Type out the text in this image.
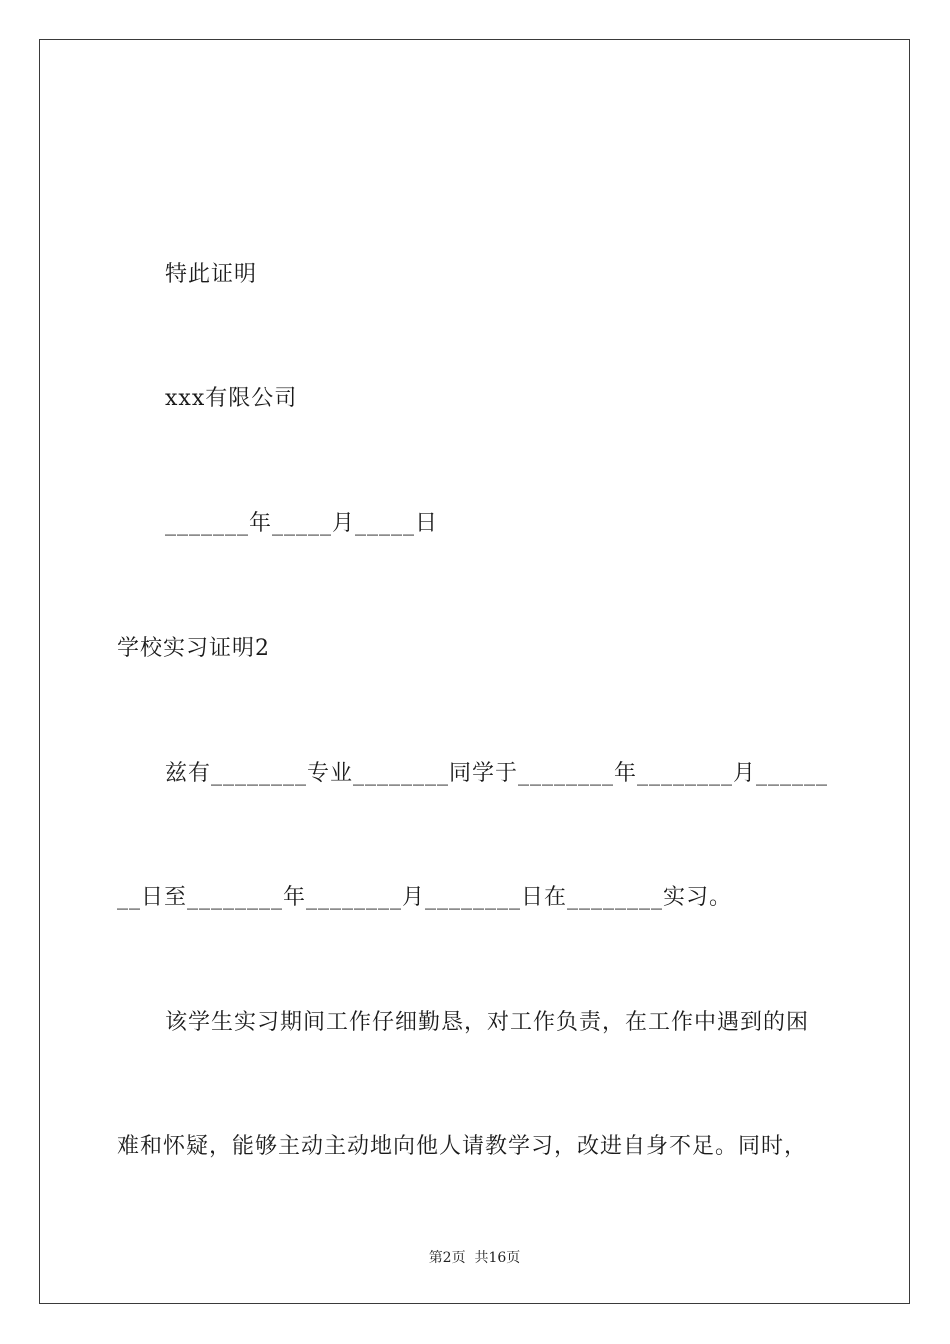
特此证明
xxx有限公司
_______年_____月_____日
学校实习证明2
兹有________专业________同学于________年________月______
__日至________年________月________日在________实习。
该学生实习期间工作仔细勤恳，对工作负责，在工作中遇到的困
难和怀疑，能够主动主动地向他人请教学习，改进自身不足。同时，
第2页  共16页
